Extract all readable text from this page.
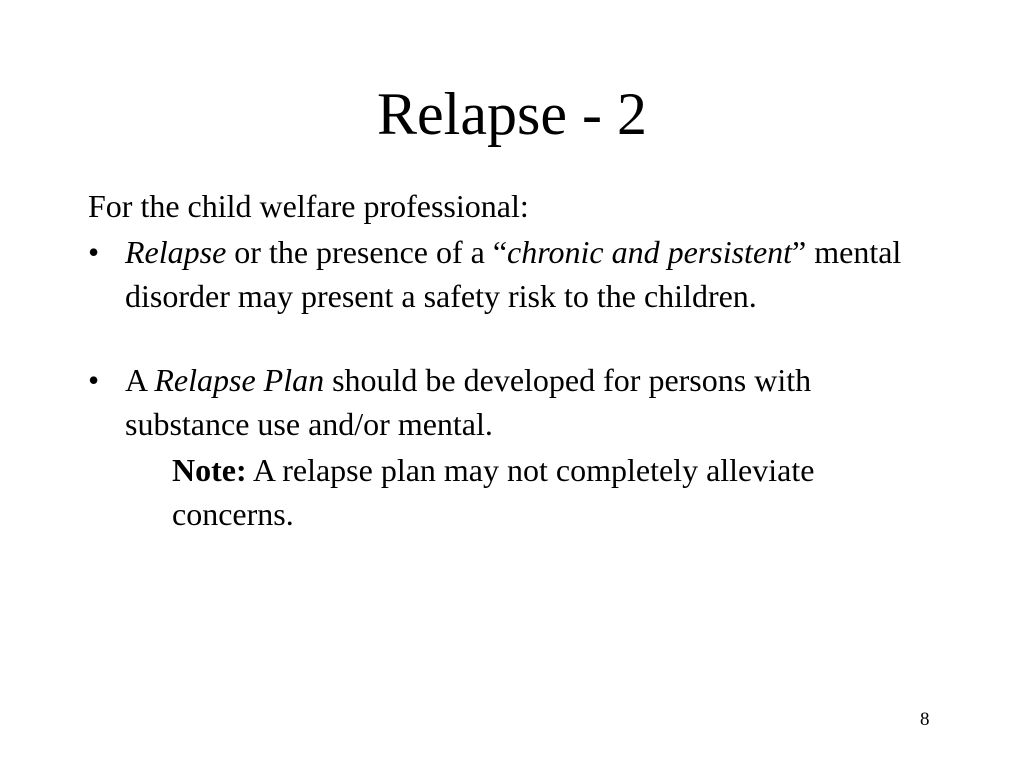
Relapse - 2

For the child welfare professional:

• Relapse or the presence of a “chronic and persistent” mental disorder may present a safety risk to the children.

• A Relapse Plan should be developed for persons with substance use and/or mental.

Note: A relapse plan may not completely alleviate concerns.

8
